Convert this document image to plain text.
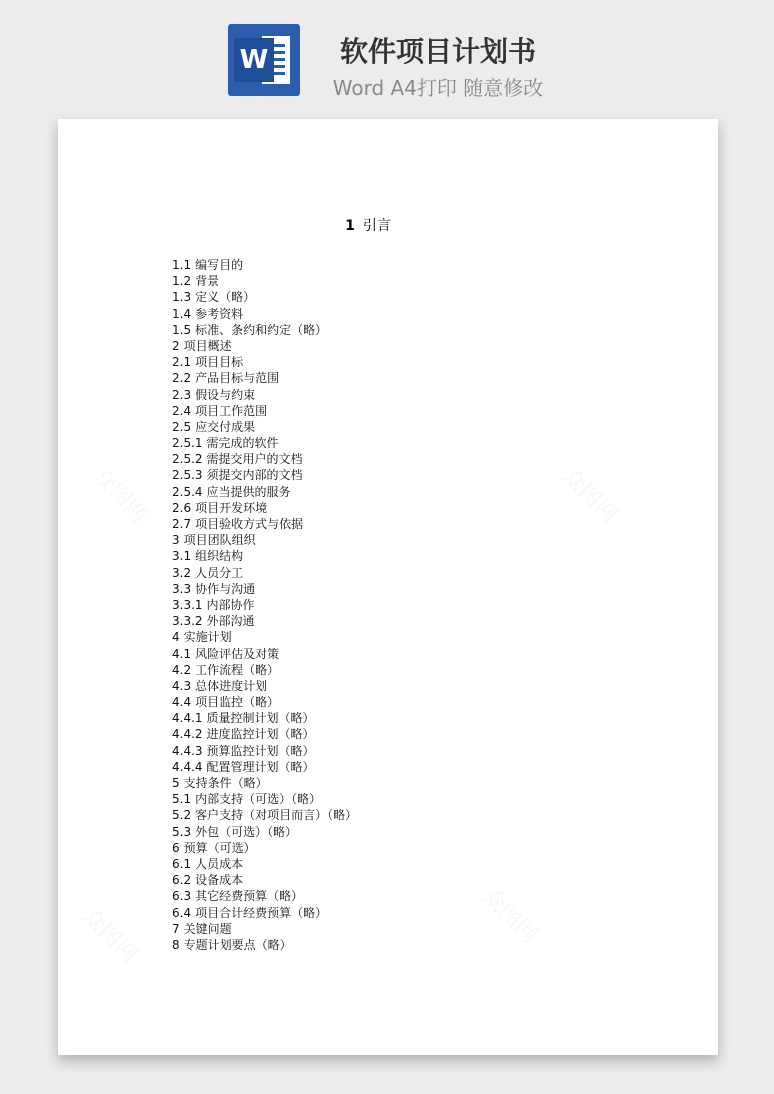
W	软件项目计划书
Word A4打印 随意修改
1 引言
1.1 编写目的
1.2 背景
1.3 定义（略）
1.4 参考资料
1.5 标准、条约和约定（略）
2 项目概述
2.1 项目目标
2.2 产品目标与范围
2.3 假设与约束
2.4 项目工作范围
2.5 应交付成果
2.5.1 需完成的软件
2.5.2 需提交用户的文档
2.5.3 须提交内部的文档
2.5.4 应当提供的服务
2.6 项目开发环境
2.7 项目验收方式与依据
3 项目团队组织
3.1 组织结构
3.2 人员分工
3.3 协作与沟通
3.3.1 内部协作
3.3.2 外部沟通
4 实施计划
4.1 风险评估及对策
4.2 工作流程（略）
4.3 总体进度计划
4.4 项目监控（略）
4.4.1 质量控制计划（略）
4.4.2 进度监控计划（略）
4.4.3 预算监控计划（略）
4.4.4 配置管理计划（略）
5 支持条件（略）
5.1 内部支持（可选）（略）
5.2 客户支持（对项目而言）（略）
5.3 外包（可选）（略）
6 预算（可选）
6.1 人员成本
6.2 设备成本
6.3 其它经费预算（略）
6.4 项目合计经费预算（略）
7 关键问题
8 专题计划要点（略）
